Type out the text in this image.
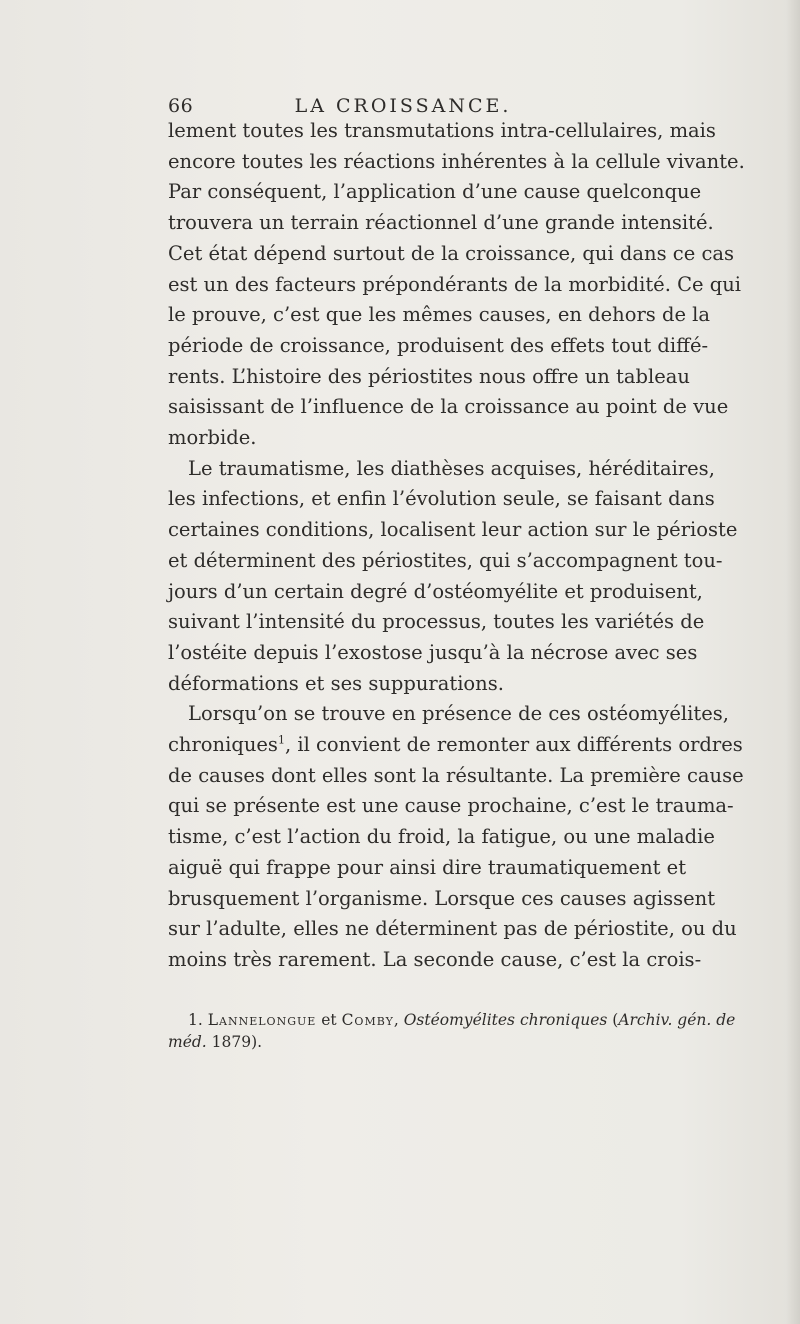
66	LA CROISSANCE.

lement toutes les transmutations intra-cellulaires, mais

encore toutes les réactions inhérentes à la cellule vivante.

Par conséquent, l’application d’une cause quelconque

trouvera un terrain réactionnel d’une grande intensité.

Cet état dépend surtout de la croissance, qui dans ce cas

est un des facteurs prépondérants de la morbidité. Ce qui

le prouve, c’est que les mêmes causes, en dehors de la

période de croissance, produisent des effets tout diffé-

rents. L’histoire des périostites nous offre un tableau

saisissant de l’influence de la croissance au point de vue

morbide.

Le traumatisme, les diathèses acquises, héréditaires,

les infections, et enfin l’évolution seule, se faisant dans

certaines conditions, localisent leur action sur le périoste

et déterminent des périostites, qui s’accompagnent tou-

jours d’un certain degré d’ostéomyélite et produisent,

suivant l’intensité du processus, toutes les variétés de

l’ostéite depuis l’exostose jusqu’à la nécrose avec ses

déformations et ses suppurations.

Lorsqu’on se trouve en présence de ces ostéomyélites,

chroniques$^1$, il convient de remonter aux différents ordres

de causes dont elles sont la résultante. La première cause

qui se présente est une cause prochaine, c’est le trauma-

tisme, c’est l’action du froid, la fatigue, ou une maladie

aiguë qui frappe pour ainsi dire traumatiquement et

brusquement l’organisme. Lorsque ces causes agissent

sur l’adulte, elles ne déterminent pas de périostite, ou du

moins très rarement. La seconde cause, c’est la crois-

1. Lannelongue et Comby, Ostéomyélites chroniques (Archiv. gén. de

méd. 1879).
